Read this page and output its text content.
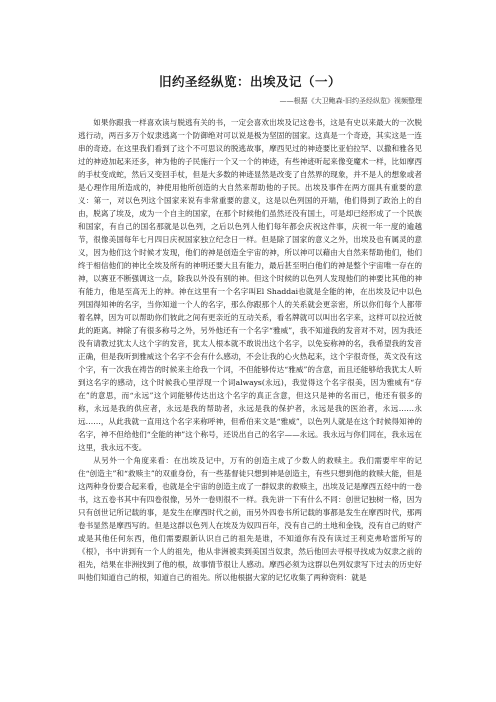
旧约圣经纵览：出埃及记（一）
——根据《大卫鲍森-旧约圣经纵览》视频整理

如果你跟我一样喜欢读与脱逃有关的书，一定会喜欢出埃及记这卷书，这是有史以来最大的一次脱逃行动，两百多万个奴隶逃离一个防御绝对可以说是极为坚固的国家。这真是一个奇迹，其实这是一连串的奇迹。在这里我们看到了这个不可思议的脱逃故事，摩西见过的神迹要比亚伯拉罕、以撒和雅各见过的神迹加起来还多，神为他的子民施行一个又一个的神迹，有些神迹听起来像变魔术一样，比如摩西的手杖变成蛇，然后又变回手杖，但是大多数的神迹显然是改变了自然界的现象，并不是人的想象或者是心理作用所造成的，神使用他所创造的大自然来帮助他的子民。出埃及事件在两方面具有重要的意义：第一，对以色列这个国家来说有非常重要的意义，这是以色列国的开端，他们得到了政治上的自由，脱离了埃及，成为一个自主的国家，在那个时候他们虽然还没有国土，可是却已经形成了一个民族和国家，有自己的国名那就是以色列，之后以色列人他们每年都会庆祝这件事，庆祝一年一度的逾越节，很像美国每年七月四日庆祝国家独立纪念日一样。但是除了国家的意义之外，出埃及也有属灵的意义，因为他们这个时候才发现，他们的神是创造全宇宙的神，所以神可以藉由大自然来帮助他们，他们终于相信他们的神比全埃及所有的神明还要大且有能力，最后甚至明白他们的神是整个宇宙唯一存在的神，以赛亚不断强调这一点，除我以外没有别的神。但这个时候的以色列人发现他们的神要比其他的神有能力，他是至高无上的神。神在这里有一个名字叫El Shaddai也就是全能的神，在出埃及记中以色列国得知神的名字，当你知道一个人的名字，那么你跟那个人的关系就会更亲密，所以你们每个人都带着名牌，因为可以帮助你们彼此之间有更亲近的互动关系，看名牌就可以叫出名字来，这样可以拉近彼此的距离。神除了有很多称号之外，另外他还有一个名字“雅威”，我不知道我的发音对不对，因为我还没有请教过犹太人这个字的发音，犹太人根本就不敢说出这个名字，以免妄称神的名，我希望我的发音正确，但是我听到雅威这个名字不会有什么感动，不会让我的心火热起来，这个字很奇怪，英文没有这个字，有一次我在祷告的时候来主给我一个词，不但能够传达“雅威”的含意，而且还能够给我犹太人听到这名字的感动，这个时候我心里浮现一个词always(永远)，我觉得这个名字很美，因为雅威有“存在”的意思，而“永远”这个词能够传达出这个名字的真正含意，但这只是神的名而已，他还有很多的称，永远是我的供应者，永远是我的帮助者，永远是我的保护者，永远是我的医治者，永远……永远……，从此我就一直用这个名字来称呼神，但希伯来文是“雅威”，以色列人就是在这个时候得知神的名字，神不但给他们“全能的神”这个称号，还说出自己的名字——永远。我永远与你们同在，我永远在这里，我永远不变。

从另外一个角度来看：在出埃及记中，万有的创造主成了少数人的救赎主。我们需要牢牢的记住“创造主”和“救赎主”的双重身份，有一些基督徒只想到神是创造主，有些只想到他的救赎大能，但是这两种身份要合起来看，也就是全宇宙的创造主成了一群奴隶的救赎主，出埃及记是摩西五经中的一卷书，这五卷书其中有四卷很像，另外一卷则很不一样。我先讲一下有什么不同：创世记独树一格，因为只有创世记所记载的事，是发生在摩西时代之前，而另外四卷书所记载的事都是发生在摩西时代，那两卷书显然是摩西写的。但是这群以色列人在埃及为奴四百年，没有自己的土地和金钱，没有自己的财产或是其他任何东西，他们需要跟新认识自己的祖先是谁，不知道你有没有读过王利克弗哈雷所写的《根》，书中讲到有一个人的祖先，他从非洲被卖到美国当奴隶，然后他回去寻根寻找成为奴隶之前的祖先，结果在非洲找到了他的根，故事情节很让人感动。摩西必须为这群以色列奴隶写下过去的历史好叫他们知道自己的根，知道自己的祖先。所以他根据大家的记忆收集了两种资料：就是
